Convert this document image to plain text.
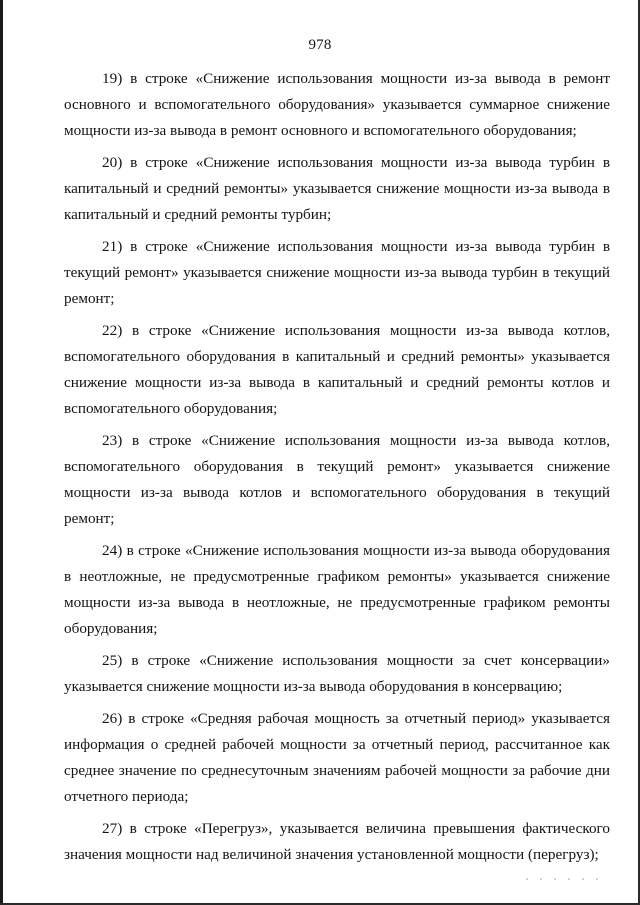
978

19) в строке «Снижение использования мощности из-за вывода в ремонт основного и вспомогательного оборудования» указывается суммарное снижение мощности из-за вывода в ремонт основного и вспомогательного оборудования;

20) в строке «Снижение использования мощности из-за вывода турбин в капитальный и средний ремонты» указывается снижение мощности из-за вывода в капитальный и средний ремонты турбин;

21) в строке «Снижение использования мощности из-за вывода турбин в текущий ремонт» указывается снижение мощности из-за вывода турбин в текущий ремонт;

22) в строке «Снижение использования мощности из-за вывода котлов, вспомогательного оборудования в капитальный и средний ремонты» указывается снижение мощности из-за вывода в капитальный и средний ремонты котлов и вспомогательного оборудования;

23) в строке «Снижение использования мощности из-за вывода котлов, вспомогательного оборудования в текущий ремонт» указывается снижение мощности из-за вывода котлов и вспомогательного оборудования в текущий ремонт;

24) в строке «Снижение использования мощности из-за вывода оборудования в неотложные, не предусмотренные графиком ремонты» указывается снижение мощности из-за вывода в неотложные, не предусмотренные графиком ремонты оборудования;

25) в строке «Снижение использования мощности за счет консервации» указывается снижение мощности из-за вывода оборудования в консервацию;

26) в строке «Средняя рабочая мощность за отчетный период» указывается информация о средней рабочей мощности за отчетный период, рассчитанное как среднее значение по среднесуточным значениям рабочей мощности за рабочие дни отчетного периода;

27) в строке «Перегруз», указывается величина превышения фактического значения мощности над величиной значения установленной мощности (перегруз);
